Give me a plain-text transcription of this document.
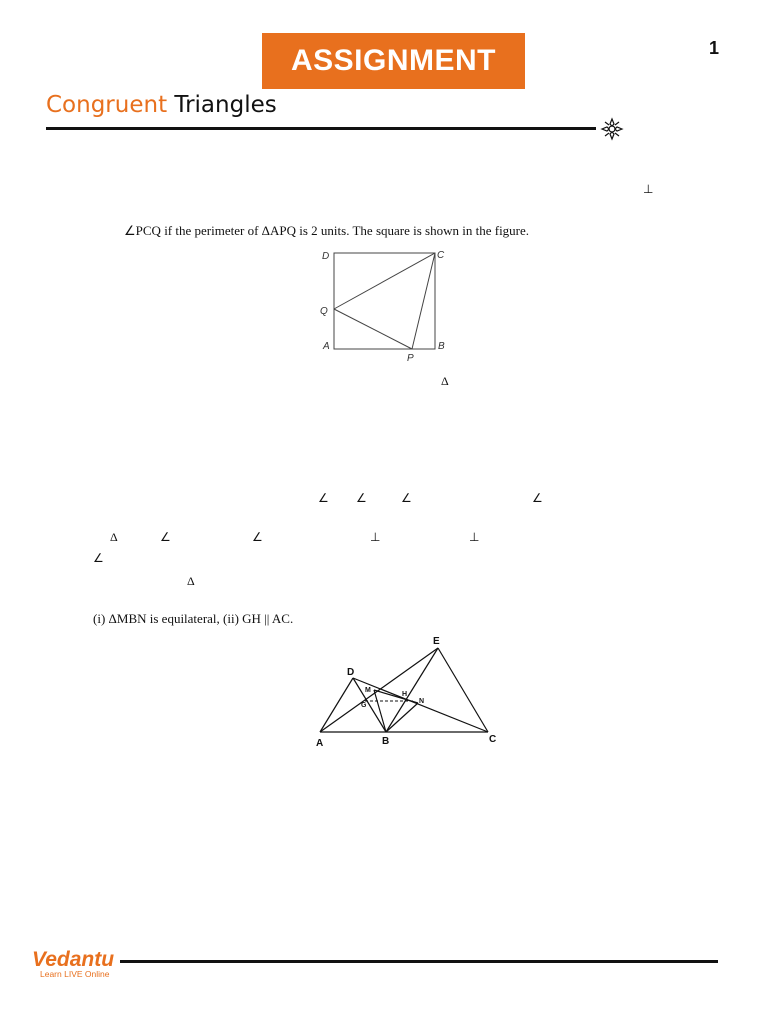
ASSIGNMENT	1
Congruent Triangles
⊥
∠PCQ if the perimeter of ΔAPQ is 2 units. The square is shown in the figure.
D	C
Q
A
P
B
Δ
∠ ∠	∠	∠
Δ	∠	∠	⊥	⊥
∠
Δ
(i) ΔMBN is equilateral, (ii) GH || AC.
E
D
M
H
G
N
A	B	C
Vedantu
Learn LIVE Online
